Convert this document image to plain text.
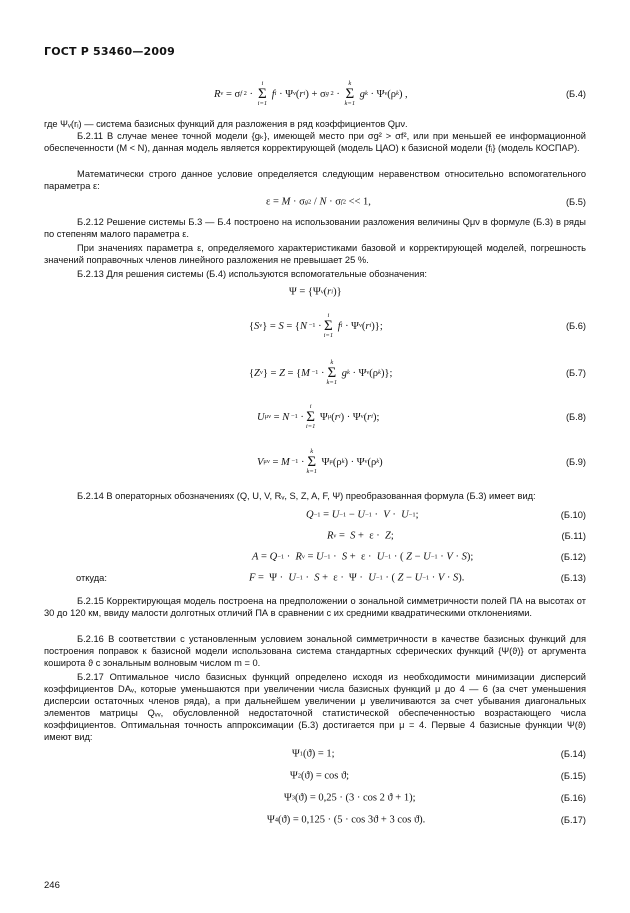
ГОСТ Р 53460—2009
R ν = σ f 2 ·
i
Σ
i=1

f i · Ψ ν ( r i ) + σ g 2 ·
k
Σ
k=1

g k · Ψ ν (ρ k ) ,	(Б.4)

где Ψᵥ(rᵢ) — система базисных функций для разложения в ряд коэффициентов Qμν.

Б.2.11 В случае менее точной модели {gₖ}, имеющей место при σg² > σf², или при меньшей ее информационной обеспеченности (M < N), данная модель является корректирующей (модель ЦАО) к базисной модели {fᵢ} (модель КОСПАР).

Математически строго данное условие определяется следующим неравенством относительно вспомогательного параметра ε:

ε = M · σ g 2 / N · σ f 2 << 1,	(Б.5)

Б.2.12 Решение системы Б.3 — Б.4 построено на использовании разложения величины Qμν в формуле (Б.3) в ряды по степеням малого параметра ε.

При значениях параметра ε, определяемого характеристиками базовой и корректирующей моделей, погрешность значений поправочных членов линейного разложения не превышает 25 %.

Б.2.13 Для решения системы (Б.4) используются вспомогательные обозначения:

Ψ = {Ψ ν ( r i )}
{ S ν } = S = { N −1 ·
i
Σ
i=1

f i · Ψ ν ( r i )};	(Б.6)
{ Z ν } = Z = { M −1 ·
k
Σ
k=1

g k · Ψ ν (ρ k )};	(Б.7)
U μν = N −1 ·
i
Σ
i=1
Ψ μ ( r i ) · Ψ ν ( r i );	(Б.8)
V μν = M −1 ·
k
Σ
k=1
Ψ μ (ρ k ) · Ψ ν (ρ k )	(Б.9)

Б.2.14 В операторных обозначениях (Q, U, V, Rᵥ, S, Z, A, F, Ψ) преобразованная формула (Б.3) имеет вид:

Q −1 = U −1 − U −1 · V · U −1 ;	(Б.10)
R ν = S +  ε · Z ;	(Б.11)
A = Q −1 · R ν = U −1 · S +  ε · U −1 · ( Z − U −1 · V · S );	(Б.12)
откуда:	F =  Ψ · U −1 · S +  ε ·  Ψ · U −1 · ( Z − U −1 · V · S ).	(Б.13)

Б.2.15 Корректирующая модель построена на предположении о зональной симметричности полей ПА на высотах от 30 до 120 км, ввиду малости долготных отличий ПА в сравнении с их средними квадратическими отклонениями.

Б.2.16 В соответствии с установленным условием зональной симметричности в качестве базисных функций для построения поправок к базисной модели использована система стандартных сферических функций {Ψ(ϑ)} от аргумента коширота ϑ с зональным волновым числом m = 0.

Б.2.17 Оптимальное число базисных функций определено исходя из необходимости минимизации дисперсий коэффициентов DAᵥ, которые уменьшаются при увеличении числа базисных функций μ до 4 — 6 (за счет уменьшения дисперсии остаточных членов ряда), а при дальнейшем увеличении μ увеличиваются за счет убывания диагональных элементов матрицы Qᵥᵥ, обусловленной недостаточной статистической обеспеченностью возрастающего числа коэффициентов. Оптимальная точность аппроксимации (Б.3) достигается при μ = 4. Первые 4 базисные функции Ψ(ϑ) имеют вид:

Ψ 1 (ϑ) = 1;	(Б.14)
Ψ 2 (ϑ) = cos ϑ;	(Б.15)
Ψ 3 (ϑ) = 0,25 · (3 · cos 2 ϑ + 1);	(Б.16)
Ψ 4 (ϑ) = 0,125 · (5 · cos 3ϑ + 3 cos ϑ).	(Б.17)
246
